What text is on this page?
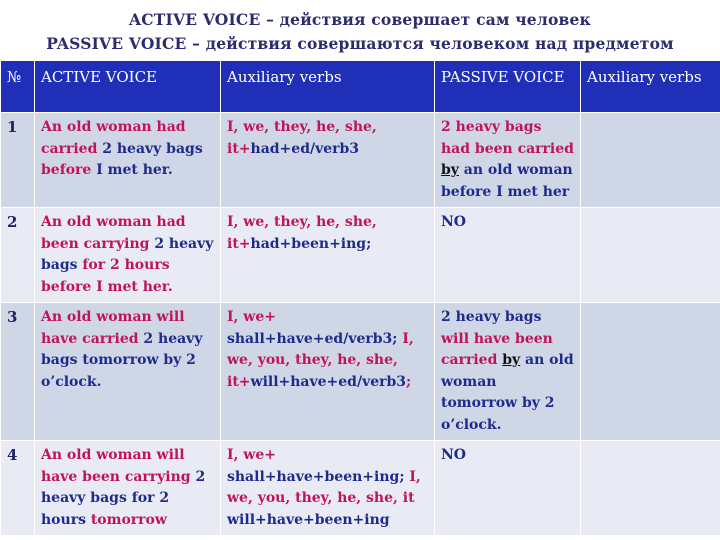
ACTIVE VOICE – действия совершает сам человек
PASSIVE VOICE – действия совершаются человеком над предметом
№	ACTIVE VOICE	Auxiliary verbs	PASSIVE VOICE	Auxiliary verbs
1	An old woman had carried 2 heavy bags before I met her.	I, we, they, he, she, it+had+ed/verb3	2 heavy bags had been carried by an old woman before I met her	
2	An old woman had been carrying 2 heavy bags for 2 hours before I met her.	I, we, they, he, she, it+had+been+ing;	NO	
3	An old woman will have carried 2 heavy bags tomorrow by 2 o’clock.	I, we+ shall+have+ed/verb3; I, we, you, they, he, she, it+will+have+ed/verb3;	2 heavy bags will have been carried by an old woman tomorrow by 2 o’clock.	
4	An old woman will have been carrying 2 heavy bags for 2 hours tomorrow	I, we+ shall+have+been+ing; I, we, you, they, he, she, it will+have+been+ing	NO	
